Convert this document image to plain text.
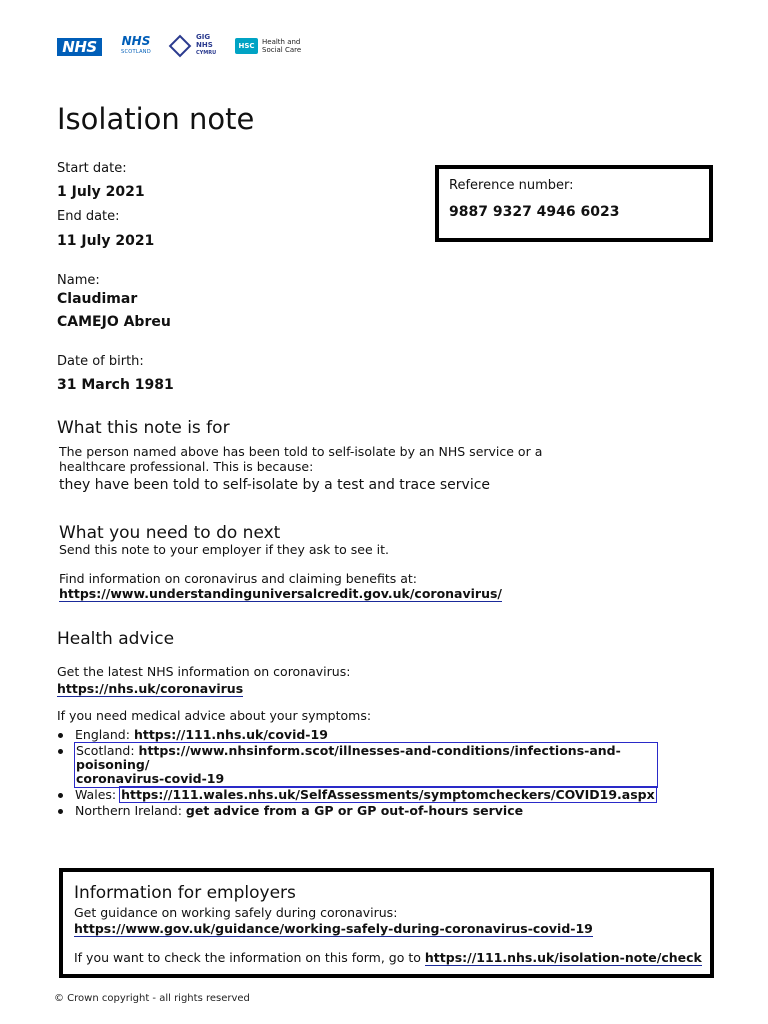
NHS	NHS
SCOTLAND
GIG
NHS
CYMRU
HSC	Health and
Social Care
Isolation note
Start date:
1 July 2021
End date:
11 July 2021
Reference number:
9887 9327 4946 6023
Name:
Claudimar
CAMEJO Abreu
Date of birth:
31 March 1981
What this note is for
The person named above has been told to self-isolate by an NHS service or a
healthcare professional. This is because:
they have been told to self-isolate by a test and trace service
What you need to do next
Send this note to your employer if they ask to see it.
Find information on coronavirus and claiming benefits at:
https://www.understandinguniversalcredit.gov.uk/coronavirus/
Health advice
Get the latest NHS information on coronavirus:
https://nhs.uk/coronavirus
If you need medical advice about your symptoms:
England: https://111.nhs.uk/covid-19
Scotland: https://www.nhsinform.scot/illnesses-and-conditions/infections-and-poisoning/
coronavirus-covid-19
Wales: https://111.wales.nhs.uk/SelfAssessments/symptomcheckers/COVID19.aspx
Northern Ireland: get advice from a GP or GP out-of-hours service
Information for employers
Get guidance on working safely during coronavirus:
https://www.gov.uk/guidance/working-safely-during-coronavirus-covid-19
If you want to check the information on this form, go to https://111.nhs.uk/isolation-note/check
© Crown copyright - all rights reserved
